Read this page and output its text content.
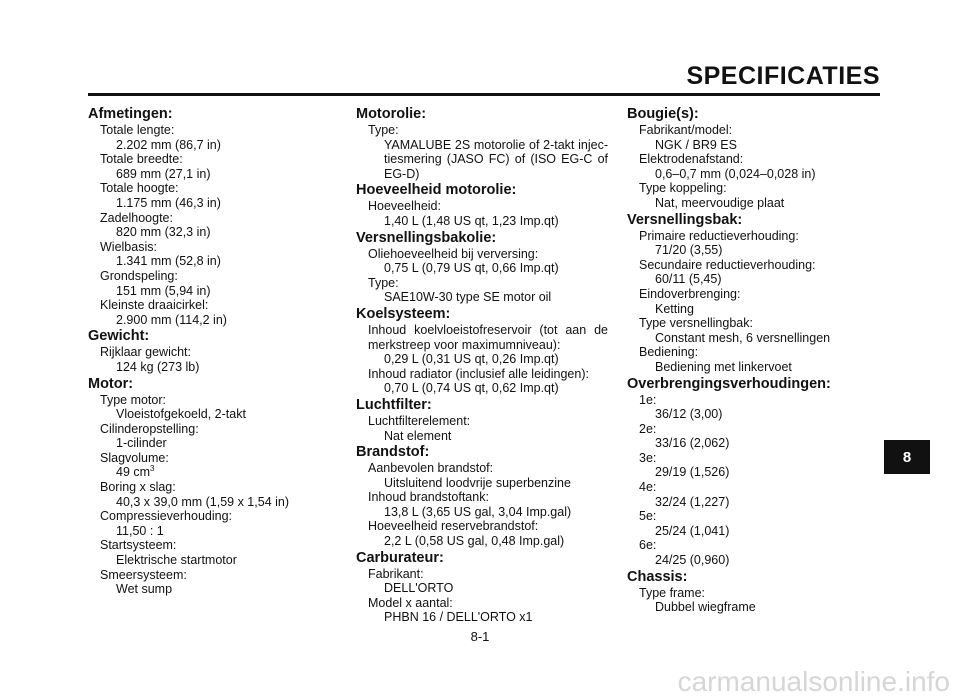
SPECIFICATIES
Afmetingen:
Totale lengte:
2.202 mm (86,7 in)
Totale breedte:
689 mm (27,1 in)
Totale hoogte:
1.175 mm (46,3 in)
Zadelhoogte:
820 mm (32,3 in)
Wielbasis:
1.341 mm (52,8 in)
Grondspeling:
151 mm (5,94 in)
Kleinste draaicirkel:
2.900 mm (114,2 in)
Gewicht:
Rijklaar gewicht:
124 kg (273 lb)
Motor:
Type motor:
Vloeistofgekoeld, 2-takt
Cilinderopstelling:
1-cilinder
Slagvolume:
49 $cm^3$
Boring x slag:
40,3 x 39,0 mm (1,59 x 1,54 in)
Compressieverhouding:
11,50 : 1
Startsysteem:
Elektrische startmotor
Smeersysteem:
Wet sump
Motorolie:
Type:
YAMALUBE 2S motorolie of 2-takt injec-
tiesmering (JASO FC) of (ISO EG-C of
EG-D)
Hoeveelheid motorolie:
Hoeveelheid:
1,40 L (1,48 US qt, 1,23 Imp.qt)
Versnellingsbakolie:
Oliehoeveelheid bij verversing:
0,75 L (0,79 US qt, 0,66 Imp.qt)
Type:
SAE10W-30 type SE motor oil
Koelsysteem:
Inhoud koelvloeistofreservoir (tot aan de
merkstreep voor maximumniveau):
0,29 L (0,31 US qt, 0,26 Imp.qt)
Inhoud radiator (inclusief alle leidingen):
0,70 L (0,74 US qt, 0,62 Imp.qt)
Luchtfilter:
Luchtfilterelement:
Nat element
Brandstof:
Aanbevolen brandstof:
Uitsluitend loodvrije superbenzine
Inhoud brandstoftank:
13,8 L (3,65 US gal, 3,04 Imp.gal)
Hoeveelheid reservebrandstof:
2,2 L (0,58 US gal, 0,48 Imp.gal)
Carburateur:
Fabrikant:
DELL'ORTO
Model x aantal:
PHBN 16 / DELL'ORTO x1
Bougie(s):
Fabrikant/model:
NGK / BR9 ES
Elektrodenafstand:
0,6–0,7 mm (0,024–0,028 in)
Type koppeling:
Nat, meervoudige plaat
Versnellingsbak:
Primaire reductieverhouding:
71/20 (3,55)
Secundaire reductieverhouding:
60/11 (5,45)
Eindoverbrenging:
Ketting
Type versnellingbak:
Constant mesh, 6 versnellingen
Bediening:
Bediening met linkervoet
Overbrengingsverhoudingen:
1e:
36/12 (3,00)
2e:
33/16 (2,062)
3e:
29/19 (1,526)
4e:
32/24 (1,227)
5e:
25/24 (1,041)
6e:
24/25 (0,960)
Chassis:
Type frame:
Dubbel wiegframe
8
8-1
carmanualsonline.info
